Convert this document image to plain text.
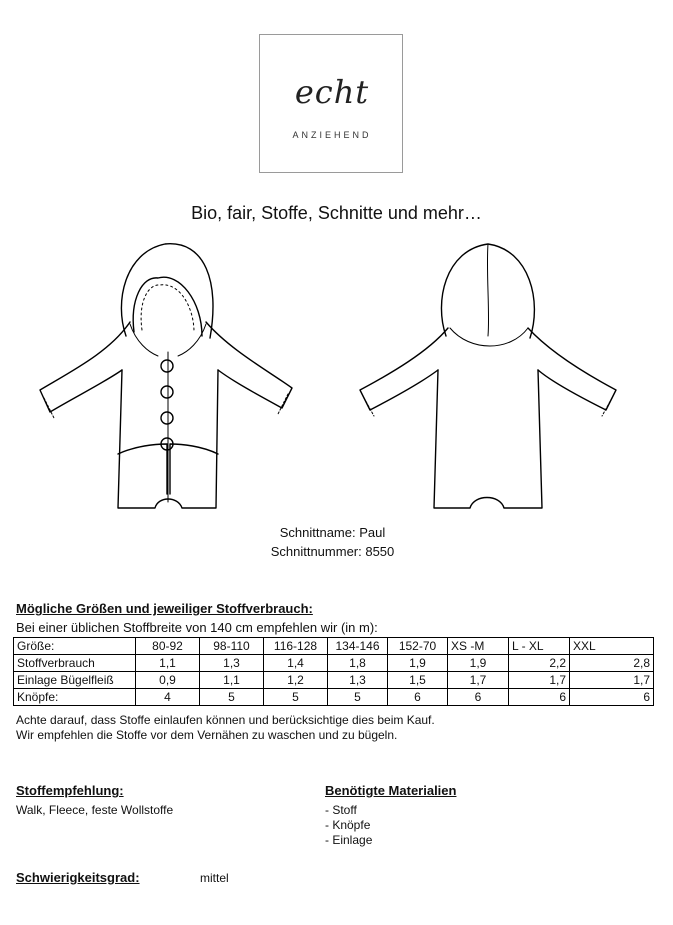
echt
ANZIEHEND
Bio, fair, Stoffe, Schnitte und mehr…
Schnittname: Paul
Schnittnummer: 8550
Mögliche Größen und jeweiliger Stoffverbrauch:
Bei einer üblichen Stoffbreite von 140 cm empfehlen wir (in m):
Größe:	80-92	98-110	116-128	134-146	152-70	XS -M	L - XL	XXL
Stoffverbrauch	1,1	1,3	1,4	1,8	1,9	1,9	2,2	2,8
Einlage Bügelfleiß	0,9	1,1	1,2	1,3	1,5	1,7	1,7	1,7
Knöpfe:	4	5	5	5	6	6	6	6
Achte darauf, dass Stoffe einlaufen können und berücksichtige dies beim Kauf.
Wir empfehlen die Stoffe vor dem Vernähen zu waschen und zu bügeln.
Stoffempfehlung:
Walk, Fleece, feste Wollstoffe
Benötigte Materialien
- Stoff
- Knöpfe
- Einlage
Schwierigkeitsgrad:	mittel
